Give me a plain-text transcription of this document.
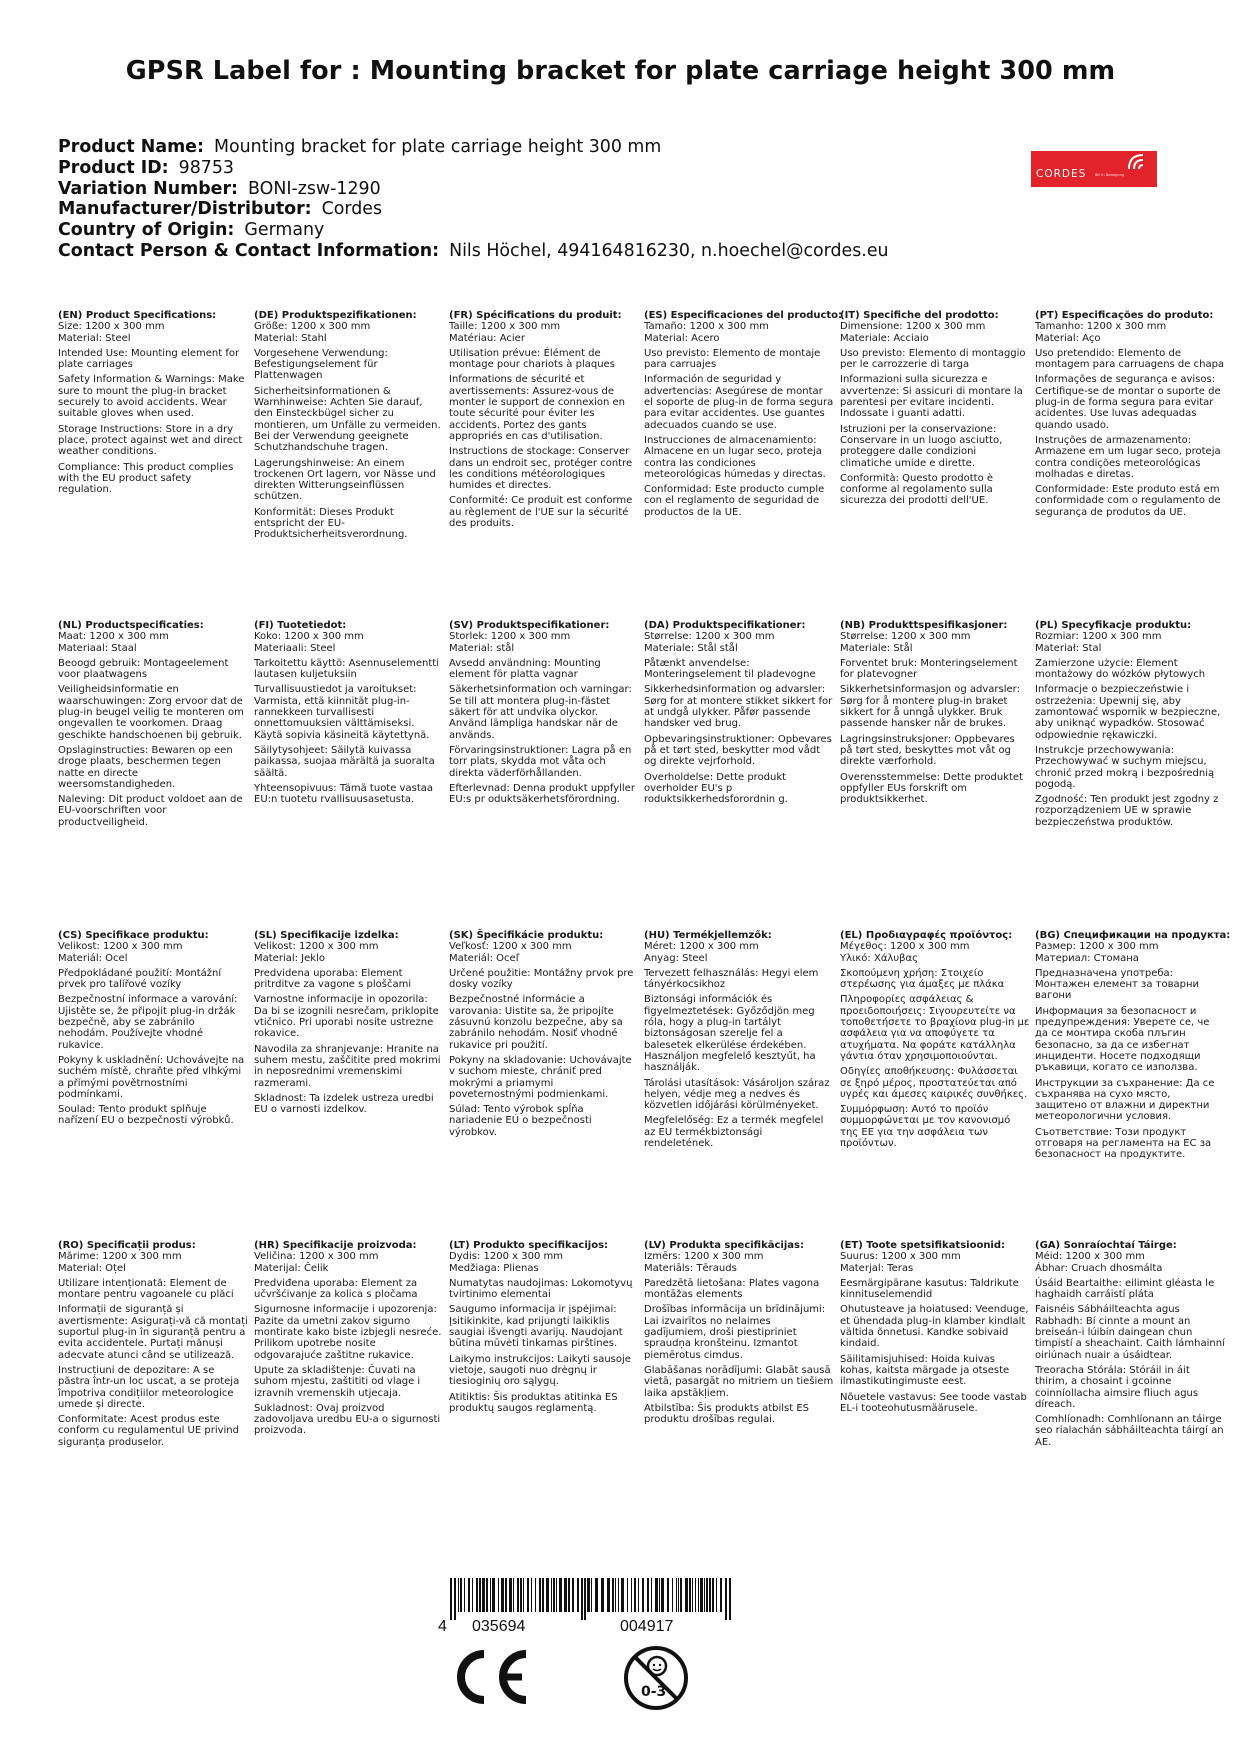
GPSR Label for : Mounting bracket for plate carriage height 300 mm
Product Name: Mounting bracket for plate carriage height 300 mm
Product ID: 98753
Variation Number: BONI-zsw-1290
Manufacturer/Distributor: Cordes
Country of Origin: Germany
Contact Person & Contact Information: Nils Höchel, 494164816230, n.hoechel@cordes.eu
CORDES Bill in Bewegung
(EN) Product Specifications:
Size: 1200 x 300 mm
Material: Steel
Intended Use: Mounting element for plate carriages
Safety Information & Warnings: Make sure to mount the plug-in bracket securely to avoid accidents. Wear suitable gloves when used.
Storage Instructions: Store in a dry place, protect against wet and direct weather conditions.
Compliance: This product complies with the EU product safety regulation.
(DE) Produktspezifikationen:
Größe: 1200 x 300 mm
Material: Stahl
Vorgesehene Verwendung: Befestigungselement für Plattenwagen
Sicherheitsinformationen & Warnhinweise: Achten Sie darauf, den Einsteckbügel sicher zu montieren, um Unfälle zu vermeiden. Bei der Verwendung geeignete Schutzhandschuhe tragen.
Lagerungshinweise: An einem trockenen Ort lagern, vor Nässe und direkten Witterungseinflüssen schützen.
Konformität: Dieses Produkt entspricht der EU-Produktsicherheitsverordnung.
(FR) Spécifications du produit:
Taille: 1200 x 300 mm
Matériau: Acier
Utilisation prévue: Élément de montage pour chariots à plaques
Informations de sécurité et avertissements: Assurez-vous de monter le support de connexion en toute sécurité pour éviter les accidents. Portez des gants appropriés en cas d'utilisation.
Instructions de stockage: Conserver dans un endroit sec, protéger contre les conditions météorologiques humides et directes.
Conformité: Ce produit est conforme au règlement de l'UE sur la sécurité des produits.
(ES) Especificaciones del producto:
Tamaño: 1200 x 300 mm
Material: Acero
Uso previsto: Elemento de montaje para carruajes
Información de seguridad y advertencias: Asegúrese de montar el soporte de plug-in de forma segura para evitar accidentes. Use guantes adecuados cuando se use.
Instrucciones de almacenamiento: Almacene en un lugar seco, proteja contra las condiciones meteorológicas húmedas y directas.
Conformidad: Este producto cumple con el reglamento de seguridad de productos de la UE.
(IT) Specifiche del prodotto:
Dimensione: 1200 x 300 mm
Materiale: Acciaio
Uso previsto: Elemento di montaggio per le carrozzerie di targa
Informazioni sulla sicurezza e avvertenze: Si assicuri di montare la parentesi per evitare incidenti. Indossate i guanti adatti.
Istruzioni per la conservazione: Conservare in un luogo asciutto, proteggere dalle condizioni climatiche umide e dirette.
Conformità: Questo prodotto è conforme al regolamento sulla sicurezza dei prodotti dell'UE.
(PT) Especificações do produto:
Tamanho: 1200 x 300 mm
Material: Aço
Uso pretendido: Elemento de montagem para carruagens de chapa
Informações de segurança e avisos: Certifique-se de montar o suporte de plug-in de forma segura para evitar acidentes. Use luvas adequadas quando usado.
Instruções de armazenamento: Armazene em um lugar seco, proteja contra condições meteorológicas molhadas e diretas.
Conformidade: Este produto está em conformidade com o regulamento de segurança de produtos da UE.
(NL) Productspecificaties:
Maat: 1200 x 300 mm
Materiaal: Staal
Beoogd gebruik: Montageelement voor plaatwagens
Veiligheidsinformatie en waarschuwingen: Zorg ervoor dat de plug-in beugel veilig te monteren om ongevallen te voorkomen. Draag geschikte handschoenen bij gebruik.
Opslaginstructies: Bewaren op een droge plaats, beschermen tegen natte en directe weersomstandigheden.
Naleving: Dit product voldoet aan de EU-voorschriften voor productveiligheid.
(FI) Tuotetiedot:
Koko: 1200 x 300 mm
Materiaali: Steel
Tarkoitettu käyttö: Asennuselementti lautasen kuljetuksiin
Turvallisuustiedot ja varoitukset: Varmista, että kiinnität plug-in-rannekkeen turvallisesti onnettomuuksien välttämiseksi. Käytä sopivia käsineitä käytettynä.
Säilytysohjeet: Säilytä kuivassa paikassa, suojaa märältä ja suoralta säältä.
Yhteensopivuus: Tämä tuote vastaa EU:n tuotetu rvallisuusasetusta.
(SV) Produktspecifikationer:
Storlek: 1200 x 300 mm
Material: stål
Avsedd användning: Mounting element för platta vagnar
Säkerhetsinformation och varningar: Se till att montera plug-in-fästet säkert för att undvika olyckor. Använd lämpliga handskar när de används.
Förvaringsinstruktioner: Lagra på en torr plats, skydda mot våta och direkta väderförhållanden.
Efterlevnad: Denna produkt uppfyller EU:s pr oduktsäkerhetsförordning.
(DA) Produktspecifikationer:
Størrelse: 1200 x 300 mm
Materiale: Stål stål
Påtænkt anvendelse: Monteringselement til pladevogne
Sikkerhedsinformation og advarsler: Sørg for at montere stikket sikkert for at undgå ulykker. Påfør passende handsker ved brug.
Opbevaringsinstruktioner: Opbevares på et tørt sted, beskytter mod vådt og direkte vejrforhold.
Overholdelse: Dette produkt overholder EU's p roduktsikkerhedsforordnin g.
(NB) Produkttspesifikasjoner:
Størrelse: 1200 x 300 mm
Materiale: Stål
Forventet bruk: Monteringselement for platevogner
Sikkerhetsinformasjon og advarsler: Sørg for å montere plug-in braket sikkert for å unngå ulykker. Bruk passende hansker når de brukes.
Lagringsinstruksjoner: Oppbevares på tørt sted, beskyttes mot våt og direkte værforhold.
Overensstemmelse: Dette produktet oppfyller EUs forskrift om produktsikkerhet.
(PL) Specyfikacje produktu:
Rozmiar: 1200 x 300 mm
Materiał: Stal
Zamierzone użycie: Element montażowy do wózków płytowych
Informacje o bezpieczeństwie i ostrzeżenia: Upewnij się, aby zamontować wspornik w bezpieczne, aby uniknąć wypadków. Stosować odpowiednie rękawiczki.
Instrukcje przechowywania: Przechowywać w suchym miejscu, chronić przed mokrą i bezpośrednią pogodą.
Zgodność: Ten produkt jest zgodny z rozporządzeniem UE w sprawie bezpieczeństwa produktów.
(CS) Specifikace produktu:
Velikost: 1200 x 300 mm
Materiál: Ocel
Předpokládané použití: Montážní prvek pro talířové vozíky
Bezpečnostní informace a varování: Ujistěte se, že připojit plug-in držák bezpečně, aby se zabránilo nehodám. Používejte vhodné rukavice.
Pokyny k uskladnění: Uchovávejte na suchém místě, chraňte před vlhkými a přímými povětrnostními podmínkami.
Soulad: Tento produkt splňuje nařízení EU o bezpečnosti výrobků.
(SL) Specifikacije izdelka:
Velikost: 1200 x 300 mm
Material: Jeklo
Predvidena uporaba: Element pritrditve za vagone s ploščami
Varnostne informacije in opozorila: Da bi se izognili nesrečam, priklopite vtičnico. Pri uporabi nosite ustrezne rokavice.
Navodila za shranjevanje: Hranite na suhem mestu, zaščitite pred mokrimi in neposrednimi vremenskimi razmerami.
Skladnost: Ta izdelek ustreza uredbi EU o varnosti izdelkov.
(SK) Špecifikácie produktu:
Veľkosť: 1200 x 300 mm
Materiál: Oceľ
Určené použitie: Montážny prvok pre dosky vozíky
Bezpečnostné informácie a varovania: Uistite sa, že pripojíte zásuvnú konzolu bezpečne, aby sa zabránilo nehodám. Nosiť vhodné rukavice pri použití.
Pokyny na skladovanie: Uchovávajte v suchom mieste, chrániť pred mokrými a priamymi poveternostnými podmienkami.
Súlad: Tento výrobok spĺňa nariadenie EÚ o bezpečnosti výrobkov.
(HU) Termékjellemzők:
Méret: 1200 x 300 mm
Anyag: Steel
Tervezett felhasználás: Hegyi elem tányérkocsikhoz
Biztonsági információk és figyelmeztetések: Győződjön meg róla, hogy a plug-in tartályt biztonságosan szerelje fel a balesetek elkerülése érdekében. Használjon megfelelő kesztyűt, ha használják.
Tárolási utasítások: Vásároljon száraz helyen, védje meg a nedves és közvetlen időjárási körülményeket.
Megfelelőség: Ez a termék megfelel az EU termékbiztonsági rendeletének.
(EL) Προδιαγραφές προϊόντος:
Μέγεθος: 1200 x 300 mm
Υλικό: Χάλυβας
Σκοπούμενη χρήση: Στοιχείο στερέωσης για άμαξες με πλάκα
Πληροφορίες ασφάλειας & προειδοποιήσεις: Σιγουρευτείτε να τοποθετήσετε το βραχίονα plug-in με ασφάλεια για να αποφύγετε τα ατυχήματα. Να φοράτε κατάλληλα γάντια όταν χρησιμοποιούνται.
Οδηγίες αποθήκευσης: Φυλάσσεται σε ξηρό μέρος, προστατεύεται από υγρές και άμεσες καιρικές συνθήκες.
Συμμόρφωση: Αυτό το προϊόν συμμορφώνεται με τον κανονισμό της ΕΕ για την ασφάλεια των προϊόντων.
(BG) Спецификации на продукта:
Размер: 1200 x 300 mm
Материал: Стомана
Предназначена употреба: Монтажен елемент за товарни вагони
Информация за безопасност и предупреждения: Уверете се, че да се монтира скоба плъгин безопасно, за да се избегнат инциденти. Носете подходящи ръкавици, когато се използва.
Инструкции за съхранение: Да се съхранява на сухо място, защитено от влажни и директни метеорологични условия.
Съответствие: Този продукт отговаря на регламента на ЕС за безопасност на продуктите.
(RO) Specificații produs:
Mărime: 1200 x 300 mm
Material: Oțel
Utilizare intenționată: Element de montare pentru vagoanele cu plăci
Informații de siguranță și avertismente: Asigurați-vă că montați suportul plug-in în siguranță pentru a evita accidentele. Purtați mănuși adecvate atunci când se utilizează.
Instrucțiuni de depozitare: A se păstra într-un loc uscat, a se proteja împotriva condițiilor meteorologice umede și directe.
Conformitate: Acest produs este conform cu regulamentul UE privind siguranța produselor.
(HR) Specifikacije proizvoda:
Veličina: 1200 x 300 mm
Materijal: Čelik
Predviđena uporaba: Element za učvršćivanje za kolica s pločama
Sigurnosne informacije i upozorenja: Pazite da umetni zakov sigurno montirate kako biste izbjegli nesreće. Prilikom upotrebe nosite odgovarajuće zaštitne rukavice.
Upute za skladištenje: Čuvati na suhom mjestu, zaštititi od vlage i izravnih vremenskih utjecaja.
Sukladnost: Ovaj proizvod zadovoljava uredbu EU-a o sigurnosti proizvoda.
(LT) Produkto specifikacijos:
Dydis: 1200 x 300 mm
Medžiaga: Plienas
Numatytas naudojimas: Lokomotyvų tvirtinimo elementai
Saugumo informacija ir įspėjimai: Įsitikinkite, kad prijungti laikiklis saugiai išvengti avarijų. Naudojant būtina mūvėti tinkamas pirštines.
Laikymo instrukcijos: Laikyti sausoje vietoje, saugoti nuo drėgnų ir tiesioginių oro sąlygų.
Atitiktis: Šis produktas atitinka ES produktų saugos reglamentą.
(LV) Produkta specifikācijas:
Izmērs: 1200 x 300 mm
Materiāls: Tērauds
Paredzētā lietošana: Plates vagona montāžas elements
Drošības informācija un brīdinājumi: Lai izvairītos no nelaimes gadījumiem, droši piestipriniet spraudņa kronšteinu. Izmantot piemērotus cimdus.
Glabāšanas norādījumi: Glabāt sausā vietā, pasargāt no mitriem un tiešiem laika apstākļiem.
Atbilstība: Šis produkts atbilst ES produktu drošības regulai.
(ET) Toote spetsifikatsioonid:
Suurus: 1200 x 300 mm
Materjal: Teras
Eesmärgipärane kasutus: Taldrikute kinnituselemendid
Ohutusteave ja hoiatused: Veenduge, et ühendada plug-in klamber kindlalt vältida õnnetusi. Kandke sobivaid kindaid.
Säilitamisjuhised: Hoida kuivas kohas, kaitsta märgade ja otseste ilmastikutingimuste eest.
Nõuetele vastavus: See toode vastab EL-i tooteohutusmäärusele.
(GA) Sonraíochtaí Táirge:
Méid: 1200 x 300 mm
Ábhar: Cruach dhosmálta
Úsáid Beartaithe: eilimint gléasta le haghaidh carráistí pláta
Faisnéis Sábháilteachta agus Rabhadh: Bí cinnte a mount an breiseán-i lúibín daingean chun timpistí a sheachaint. Caith lámhainní oiriúnach nuair a úsáidtear.
Treoracha Stórála: Stóráil in áit thirim, a chosaint i gcoinne coinníollacha aimsire fliuch agus díreach.
Comhlíonadh: Comhlíonann an táirge seo rialachán sábháilteachta táirgí an AE.
4 035694	004917
0-3
